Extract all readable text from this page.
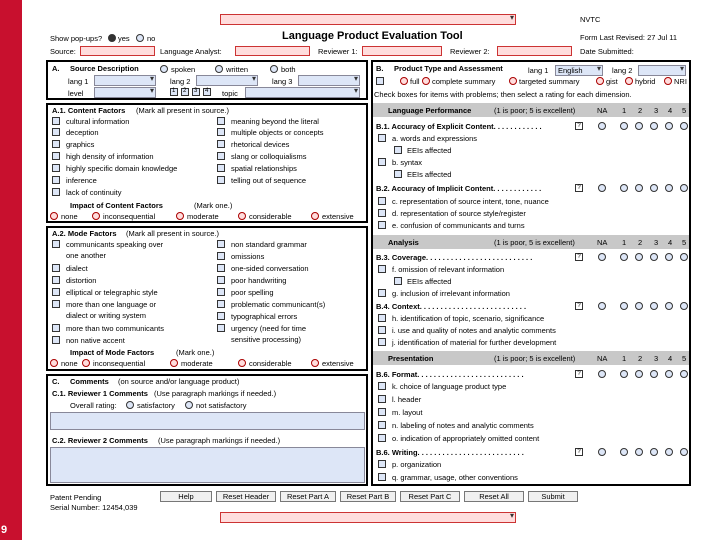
9
▾
▾
NVTC
Language Product Evaluation Tool	Form Last Revised: 27 Jul 11
Show pop-ups? yes no
Source:	Language Analyst:	Reviewer 1:	Reviewer 2:	Date Submitted:
A. Source Description	spoken	written	both
lang 1 ▾	lang 2 ▾	lang 3
▾
level ▾	1 2 3 4 topic
▾
A.1. Content Factors (Mark all present in source.)
cultural information
deception
graphics
high density of information
highly specific domain knowledge
inference
lack of continuity
meaning beyond the literal
multiple objects or concepts
rhetorical devices
slang or colloquialisms
spatial relationships
telling out of sequence
Impact of Content Factors	(Mark one.)
none	inconsequential	moderate	considerable	extensive
A.2. Mode Factors (Mark all present in source.)
communicants speaking over
one another
dialect
distortion
elliptical or telegraphic style
more than one language or
dialect or writing system
more than two communicants
non native accent
non standard grammar
omissions
one-sided conversation
poor handwriting
poor spelling
problematic communicant(s)
typographical errors
urgency (need for time
sensitive processing)
Impact of Mode Factors	(Mark one.)
none inconsequential	moderate	considerable	extensive
C. Comments (on source and/or language product)
C.1. Reviewer 1 Comments (Use paragraph markings if needed.)
Overall rating:	satisfactory	not satisfactory
C.2. Reviewer 2 Comments (Use paragraph markings if needed.)
B. Product Type and Assessment	lang 1 English
▾	lang 2
▾
full complete summary	targeted summary	gist hybrid NRI
Check boxes for items with problems; then select a rating for each dimension.
Language Performance	(1 is poor; 5 is excellent)	NA 1 2 3 4 5
B.1. Accuracy of Explicit Content. . . . . . . . . . . .	?
a. words and expressions
EEIs affected
b. syntax
EEIs affected
B.2. Accuracy of Implicit Content. . . . . . . . . . . .	?
c. representation of source intent, tone, nuance
d. representation of source style/register
e. confusion of communicants and turns
Analysis	(1 is poor, 5 is excellent)	NA 1 2 3 4 5
B.3. Coverage. . . . . . . . . . . . . . . . . . . . . . . . . .	?
f. omission of relevant information
EEIs affected
g. inclusion of irrelevant information
B.4. Context. . . . . . . . . . . . . . . . . . . . . . . . . .	?
h. identification of topic, scenario, significance
i. use and quality of notes and analytic comments
j. identification of material for further development
Presentation	(1 is poor; 5 is excellent)	NA 1 2 3 4 5
B.6. Format. . . . . . . . . . . . . . . . . . . . . . . . . .	?
k. choice of language product type
l. header
m. layout
n. labeling of notes and analytic comments
o. indication of appropriately omitted content
B.6. Writing. . . . . . . . . . . . . . . . . . . . . . . . . .	?
p. organization
q. grammar, usage, other conventions
Patent Pending
Serial Number: 12454,039
Help	Reset Header	Reset Part A	Reset Part B	Reset Part C	Reset All	Submit
